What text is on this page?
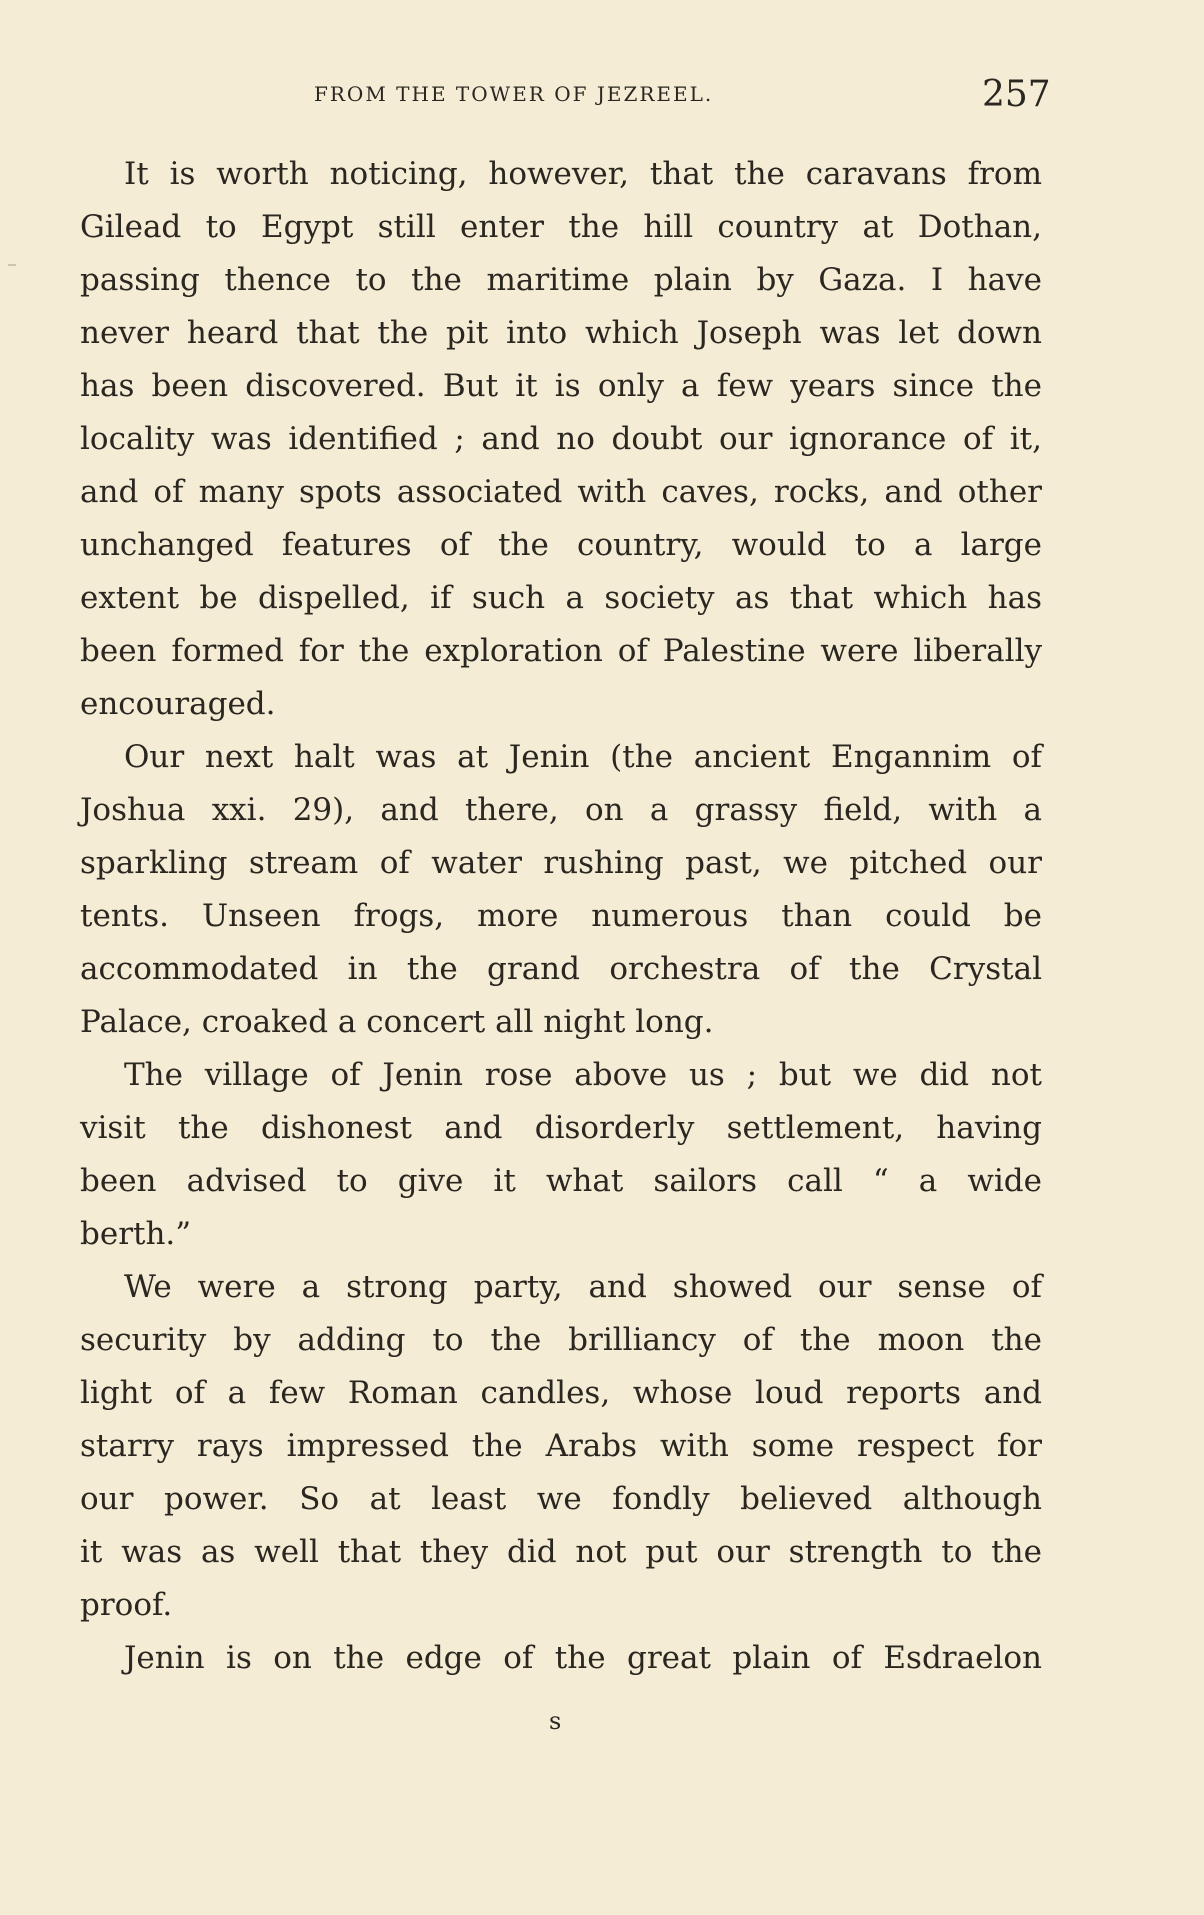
FROM THE TOWER OF JEZREEL.	257
It is worth noticing, however, that the caravans from
Gilead to Egypt still enter the hill country at Dothan,
passing thence to the maritime plain by Gaza. I have
never heard that the pit into which Joseph was let down
has been discovered. But it is only a few years since the
locality was identified ; and no doubt our ignorance of it,
and of many spots associated with caves, rocks, and other
unchanged features of the country, would to a large
extent be dispelled, if such a society as that which has
been formed for the exploration of Palestine were liberally
encouraged.
Our next halt was at Jenin (the ancient Engannim of
Joshua xxi. 29), and there, on a grassy field, with a
sparkling stream of water rushing past, we pitched our
tents. Unseen frogs, more numerous than could be
accommodated in the grand orchestra of the Crystal
Palace, croaked a concert all night long.
The village of Jenin rose above us ; but we did not
visit the dishonest and disorderly settlement, having
been advised to give it what sailors call “ a wide
berth.”
We were a strong party, and showed our sense of
security by adding to the brilliancy of the moon the
light of a few Roman candles, whose loud reports and
starry rays impressed the Arabs with some respect for
our power. So at least we fondly believed although
it was as well that they did not put our strength to the
proof.
Jenin is on the edge of the great plain of Esdraelon
s
